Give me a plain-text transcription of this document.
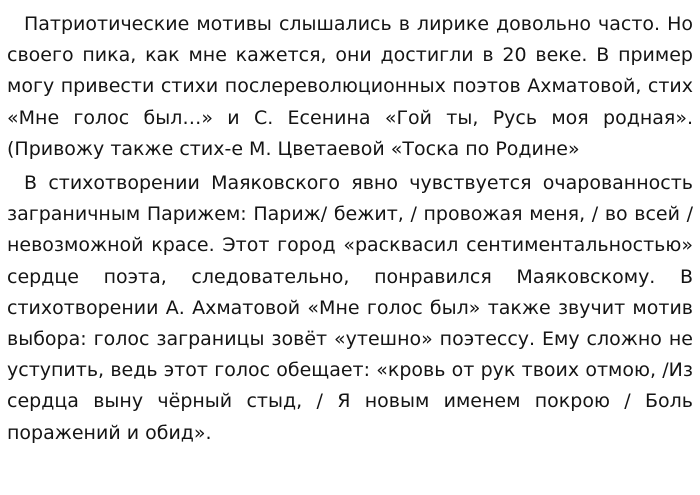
Патриотические мотивы слышались в лирике довольно часто. Но своего пика, как мне кажется, они достигли в 20 веке. В пример могу привести стихи послереволюционных поэтов Ахматовой, стих «Мне голос был…» и С. Есенина «Гой ты, Русь моя родная». (Привожу также стих-е М. Цветаевой «Тоска по Родине»

В стихотворении Маяковского явно чувствуется очарованность заграничным Парижем: Париж/ бежит, / провожая меня, / во всей / невозможной красе. Этот город «расквасил сентиментальностью» сердце поэта, следовательно, понравился Маяковскому. В стихотворении А. Ахматовой «Мне голос был» также звучит мотив выбора: голос заграницы зовёт «утешно» поэтессу. Ему сложно не уступить, ведь этот голос обещает: «кровь от рук твоих отмою, /Из сердца выну чёрный стыд, / Я новым именем покрою / Боль поражений и обид».
